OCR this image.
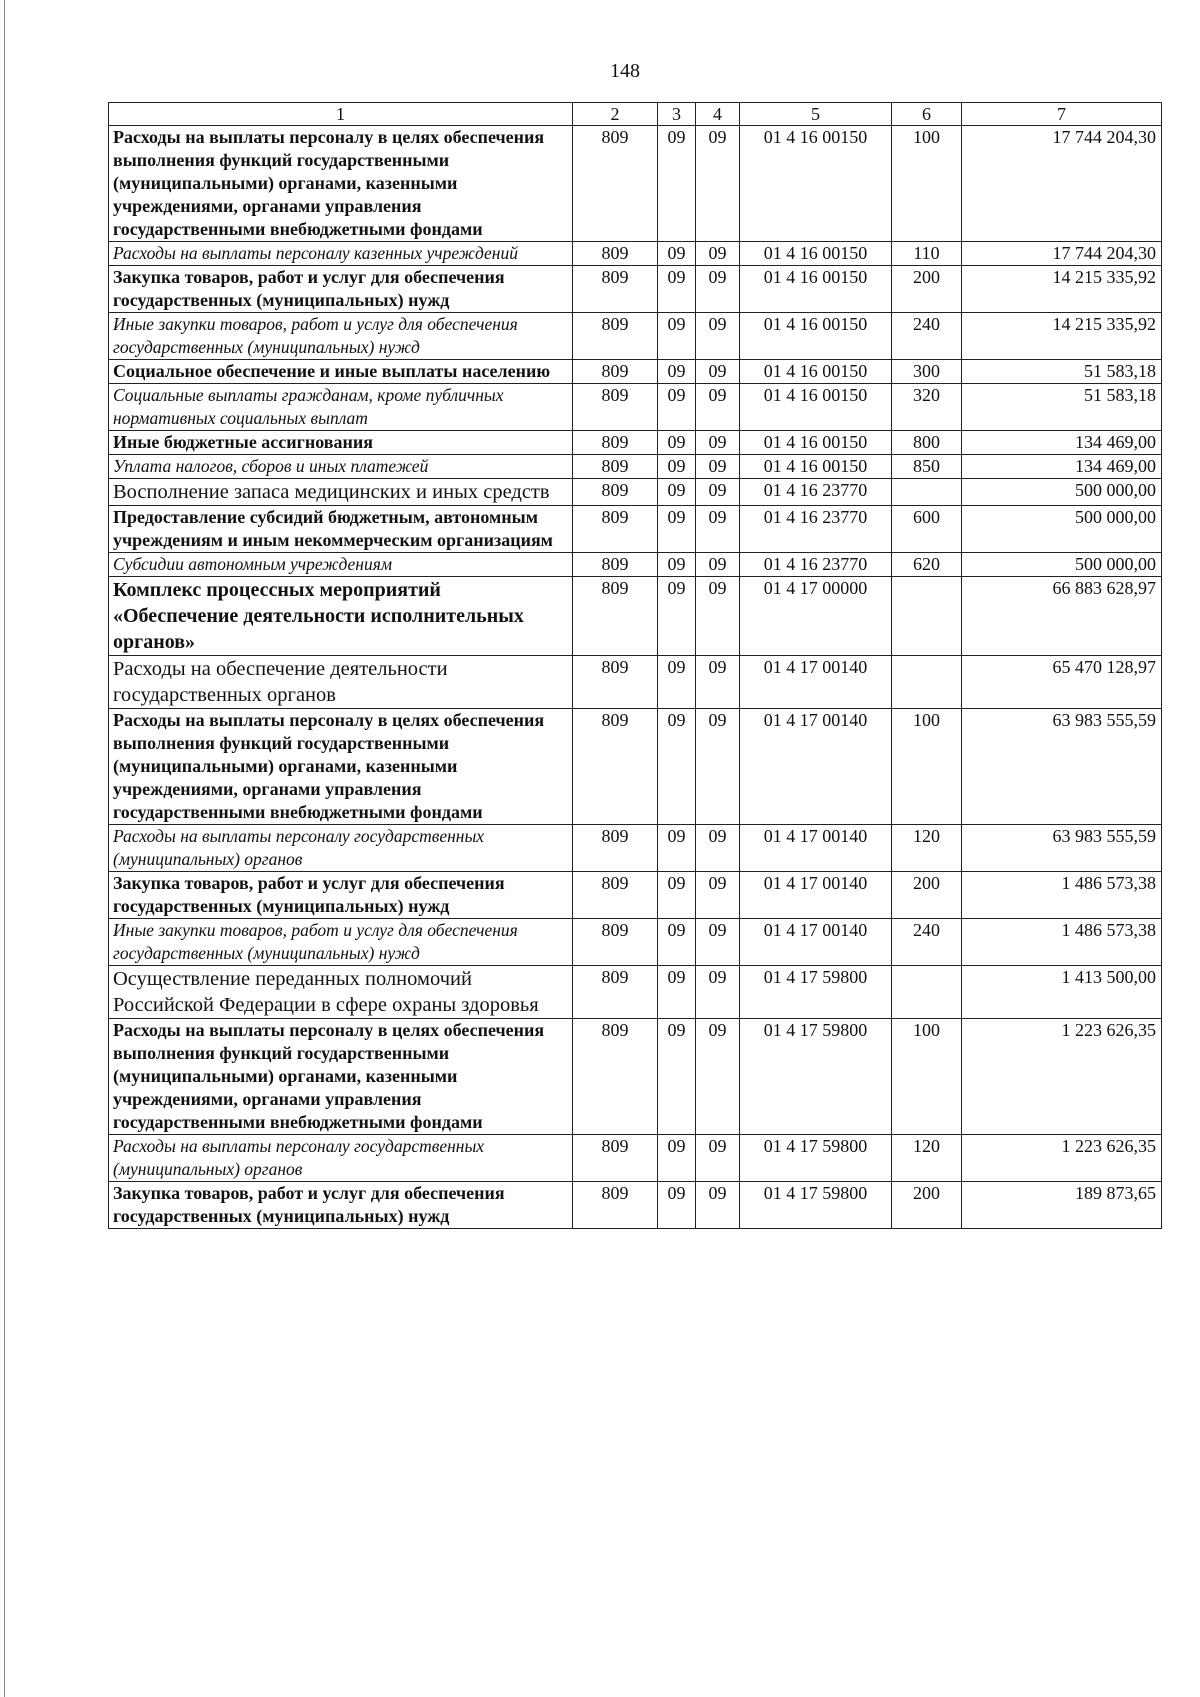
148
1	2	3	4	5	6	7
Расходы на выплаты персоналу в целях обеспечения выполнения функций государственными (муниципальными) органами, казенными учреждениями, органами управления государственными внебюджетными фондами	809	09	09	01 4 16 00150	100	17 744 204,30
Расходы на выплаты персоналу казенных учреждений	809	09	09	01 4 16 00150	110	17 744 204,30
Закупка товаров, работ и услуг для обеспечения государственных (муниципальных) нужд	809	09	09	01 4 16 00150	200	14 215 335,92
Иные закупки товаров, работ и услуг для обеспечения государственных (муниципальных) нужд	809	09	09	01 4 16 00150	240	14 215 335,92
Социальное обеспечение и иные выплаты населению	809	09	09	01 4 16 00150	300	51 583,18
Социальные выплаты гражданам, кроме публичных нормативных социальных выплат	809	09	09	01 4 16 00150	320	51 583,18
Иные бюджетные ассигнования	809	09	09	01 4 16 00150	800	134 469,00
Уплата налогов, сборов и иных платежей	809	09	09	01 4 16 00150	850	134 469,00
Восполнение запаса медицинских и иных средств	809	09	09	01 4 16 23770		500 000,00
Предоставление субсидий бюджетным, автономным учреждениям и иным некоммерческим организациям	809	09	09	01 4 16 23770	600	500 000,00
Субсидии автономным учреждениям	809	09	09	01 4 16 23770	620	500 000,00
Комплекс процессных мероприятий «Обеспечение деятельности исполнительных органов»	809	09	09	01 4 17 00000		66 883 628,97
Расходы на обеспечение деятельности государственных органов	809	09	09	01 4 17 00140		65 470 128,97
Расходы на выплаты персоналу в целях обеспечения выполнения функций государственными (муниципальными) органами, казенными учреждениями, органами управления государственными внебюджетными фондами	809	09	09	01 4 17 00140	100	63 983 555,59
Расходы на выплаты персоналу государственных (муниципальных) органов	809	09	09	01 4 17 00140	120	63 983 555,59
Закупка товаров, работ и услуг для обеспечения государственных (муниципальных) нужд	809	09	09	01 4 17 00140	200	1 486 573,38
Иные закупки товаров, работ и услуг для обеспечения государственных (муниципальных) нужд	809	09	09	01 4 17 00140	240	1 486 573,38
Осуществление переданных полномочий Российской Федерации в сфере охраны здоровья	809	09	09	01 4 17 59800		1 413 500,00
Расходы на выплаты персоналу в целях обеспечения выполнения функций государственными (муниципальными) органами, казенными учреждениями, органами управления государственными внебюджетными фондами	809	09	09	01 4 17 59800	100	1 223 626,35
Расходы на выплаты персоналу государственных (муниципальных) органов	809	09	09	01 4 17 59800	120	1 223 626,35
Закупка товаров, работ и услуг для обеспечения государственных (муниципальных) нужд	809	09	09	01 4 17 59800	200	189 873,65
